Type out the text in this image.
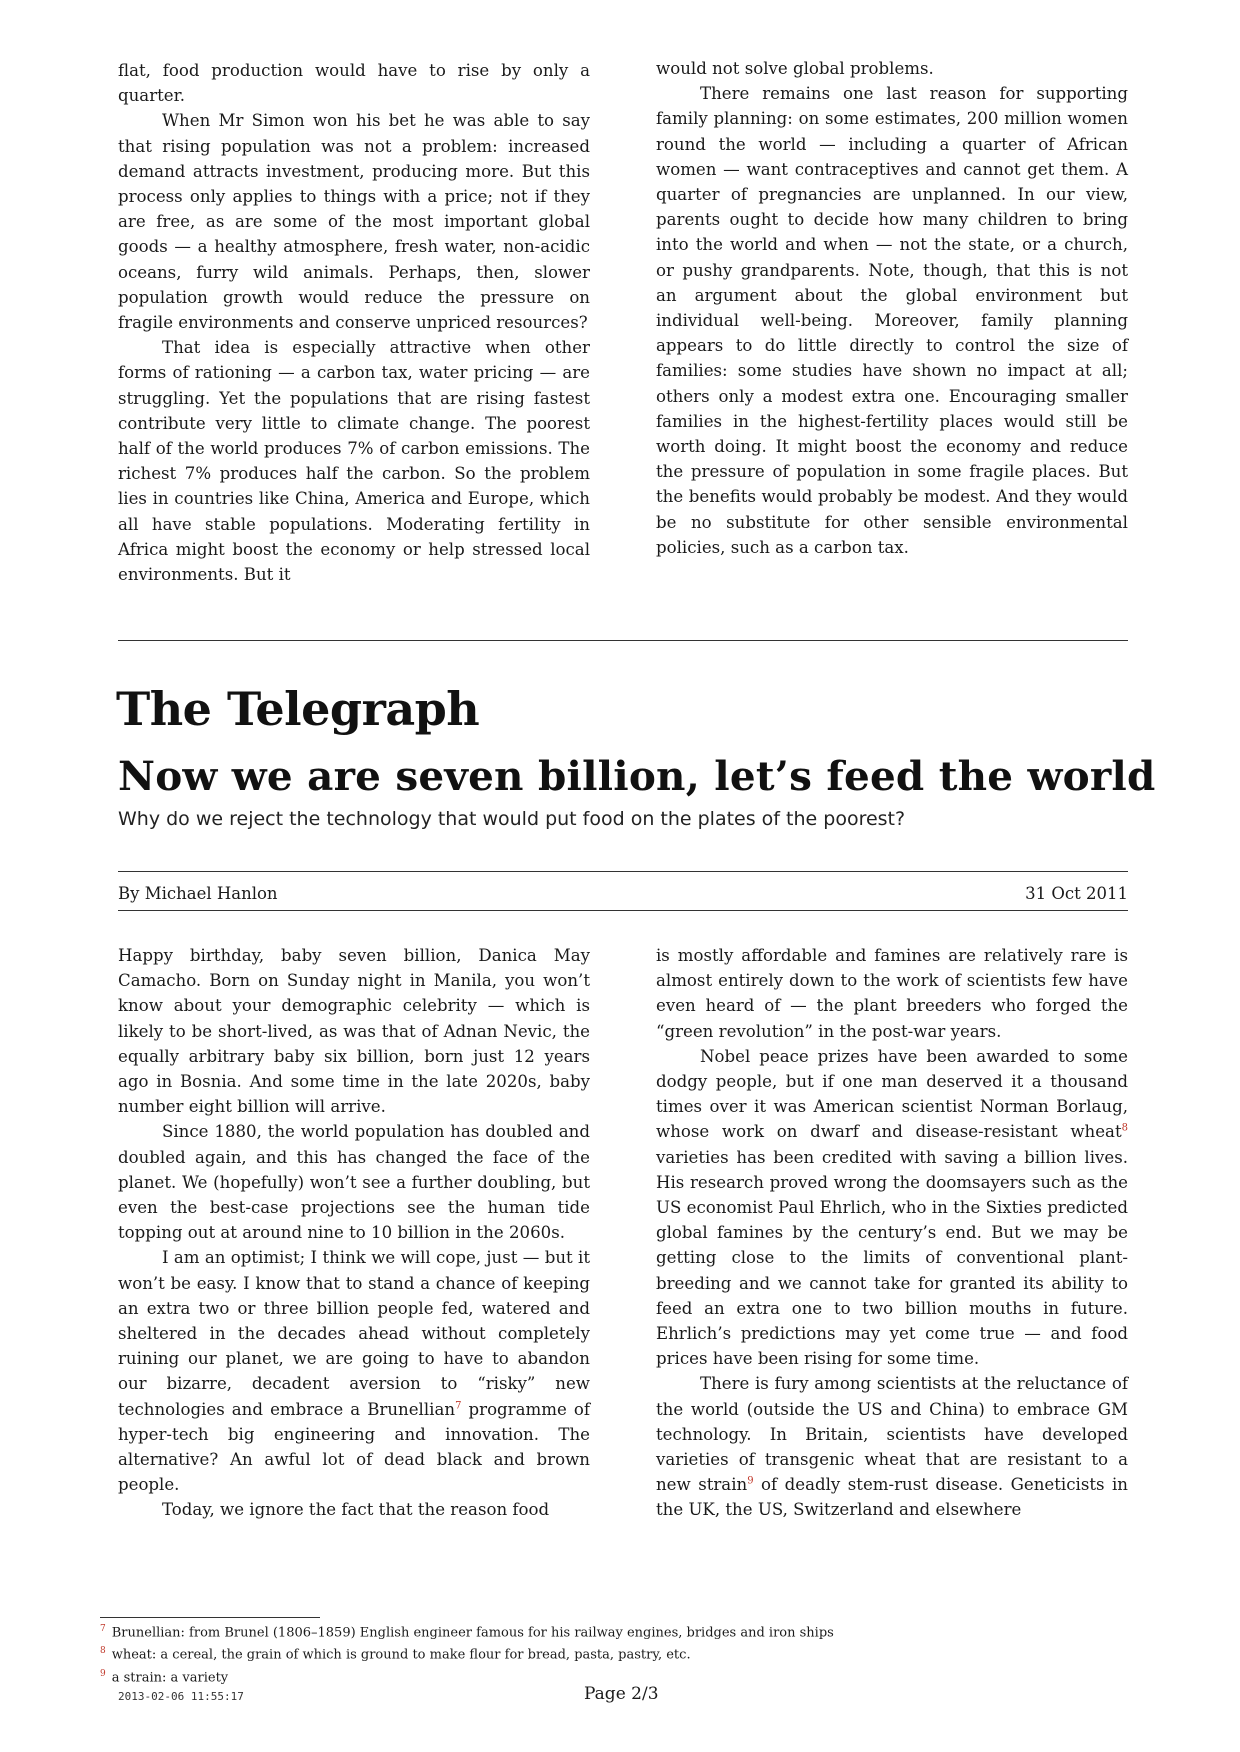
flat, food production would have to rise by only a quarter.

When Mr Simon won his bet he was able to say that rising population was not a problem: increased demand attracts investment, producing more. But this process only applies to things with a price; not if they are free, as are some of the most important global goods — a healthy atmosphere, fresh water, non-acidic oceans, furry wild animals. Perhaps, then, slower population growth would reduce the pressure on fragile environments and conserve unpriced resources?

That idea is especially attractive when other forms of rationing — a carbon tax, water pricing — are struggling. Yet the populations that are rising fastest contribute very little to climate change. The poorest half of the world produces 7% of carbon emissions. The richest 7% produces half the carbon. So the problem lies in countries like China, America and Europe, which all have stable populations. Moderating fertility in Africa might boost the economy or help stressed local environments. But it

would not solve global problems.

There remains one last reason for supporting family planning: on some estimates, 200 million women round the world — including a quarter of African women — want contraceptives and cannot get them. A quarter of pregnancies are unplanned. In our view, parents ought to decide how many children to bring into the world and when — not the state, or a church, or pushy grandparents. Note, though, that this is not an argument about the global environment but individual well-being. Moreover, family planning appears to do little directly to control the size of families: some studies have shown no impact at all; others only a modest extra one. Encouraging smaller families in the highest-fertility places would still be worth doing. It might boost the economy and reduce the pressure of population in some fragile places. But the benefits would probably be modest. And they would be no substitute for other sensible environmental policies, such as a carbon tax.

The Telegraph
Now we are seven billion, let’s feed the world
Why do we reject the technology that would put food on the plates of the poorest?
By Michael Hanlon	31 Oct 2011

Happy birthday, baby seven billion, Danica May Camacho. Born on Sunday night in Manila, you won’t know about your demographic celebrity — which is likely to be short-lived, as was that of Adnan Nevic, the equally arbitrary baby six billion, born just 12 years ago in Bosnia. And some time in the late 2020s, baby number eight billion will arrive.

Since 1880, the world population has doubled and doubled again, and this has changed the face of the planet. We (hopefully) won’t see a further doubling, but even the best-case projections see the human tide topping out at around nine to 10 billion in the 2060s.

I am an optimist; I think we will cope, just — but it won’t be easy. I know that to stand a chance of keeping an extra two or three billion people fed, watered and sheltered in the decades ahead without completely ruining our planet, we are going to have to abandon our bizarre, decadent aversion to “risky” new technologies and embrace a Brunellian$^7$ programme of hyper-tech big engineering and innovation. The alternative? An awful lot of dead black and brown people.

Today, we ignore the fact that the reason food

is mostly affordable and famines are relatively rare is almost entirely down to the work of scientists few have even heard of — the plant breeders who forged the “green revolution” in the post-war years.

Nobel peace prizes have been awarded to some dodgy people, but if one man deserved it a thousand times over it was American scientist Norman Borlaug, whose work on dwarf and disease-resistant wheat$^8$ varieties has been credited with saving a billion lives. His research proved wrong the doomsayers such as the US economist Paul Ehrlich, who in the Sixties predicted global famines by the century’s end. But we may be getting close to the limits of conventional plant-breeding and we cannot take for granted its ability to feed an extra one to two billion mouths in future. Ehrlich’s predictions may yet come true — and food prices have been rising for some time.

There is fury among scientists at the reluctance of the world (outside the US and China) to embrace GM technology. In Britain, scientists have developed varieties of transgenic wheat that are resistant to a new strain$^9$ of deadly stem-rust disease. Geneticists in the UK, the US, Switzerland and elsewhere

$^7$ Brunellian: from Brunel (1806–1859) English engineer famous for his railway engines, bridges and iron ships
$^8$ wheat: a cereal, the grain of which is ground to make flour for bread, pasta, pastry, etc.
$^9$ a strain: a variety
2013-02-06 11:55:17	Page 2/3
